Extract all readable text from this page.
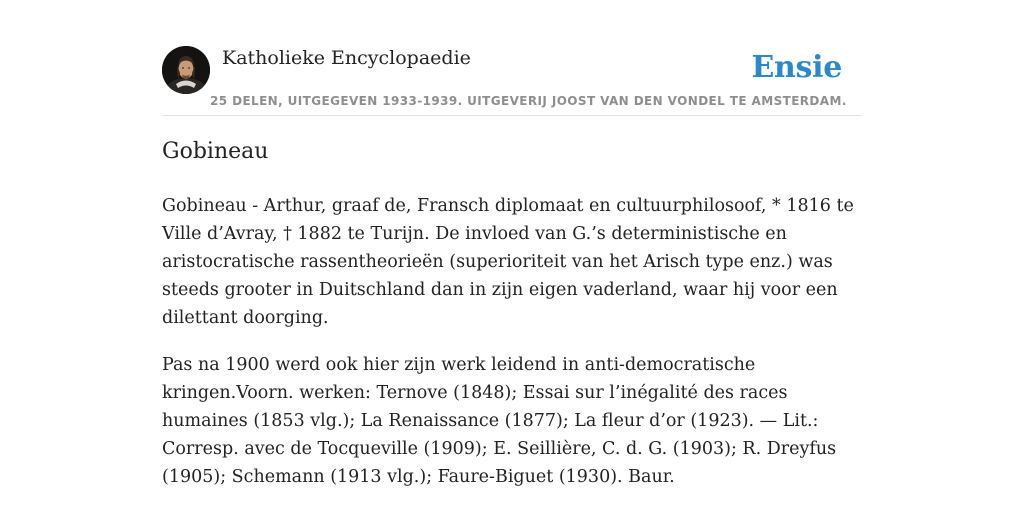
Katholieke Encyclopaedie	Ensie
25 DELEN, UITGEGEVEN 1933-1939. UITGEVERIJ JOOST VAN DEN VONDEL TE AMSTERDAM.
Gobineau

Gobineau - Arthur, graaf de, Fransch diplomaat en cultuurphilosoof, * 1816 te Ville d’Avray, † 1882 te Turijn. De invloed van G.’s deterministische en aristocratische rassentheorieën (superioriteit van het Arisch type enz.) was steeds grooter in Duitschland dan in zijn eigen vaderland, waar hij voor een dilettant doorging.

Pas na 1900 werd ook hier zijn werk leidend in anti-democratische kringen.Voorn. werken: Ternove (1848); Essai sur l’inégalité des races humaines (1853 vlg.); La Renaissance (1877); La fleur d’or (1923). — Lit.: Corresp. avec de Tocqueville (1909); E. Seillière, C. d. G. (1903); R. Dreyfus (1905); Schemann (1913 vlg.); Faure-Biguet (1930). Baur.
